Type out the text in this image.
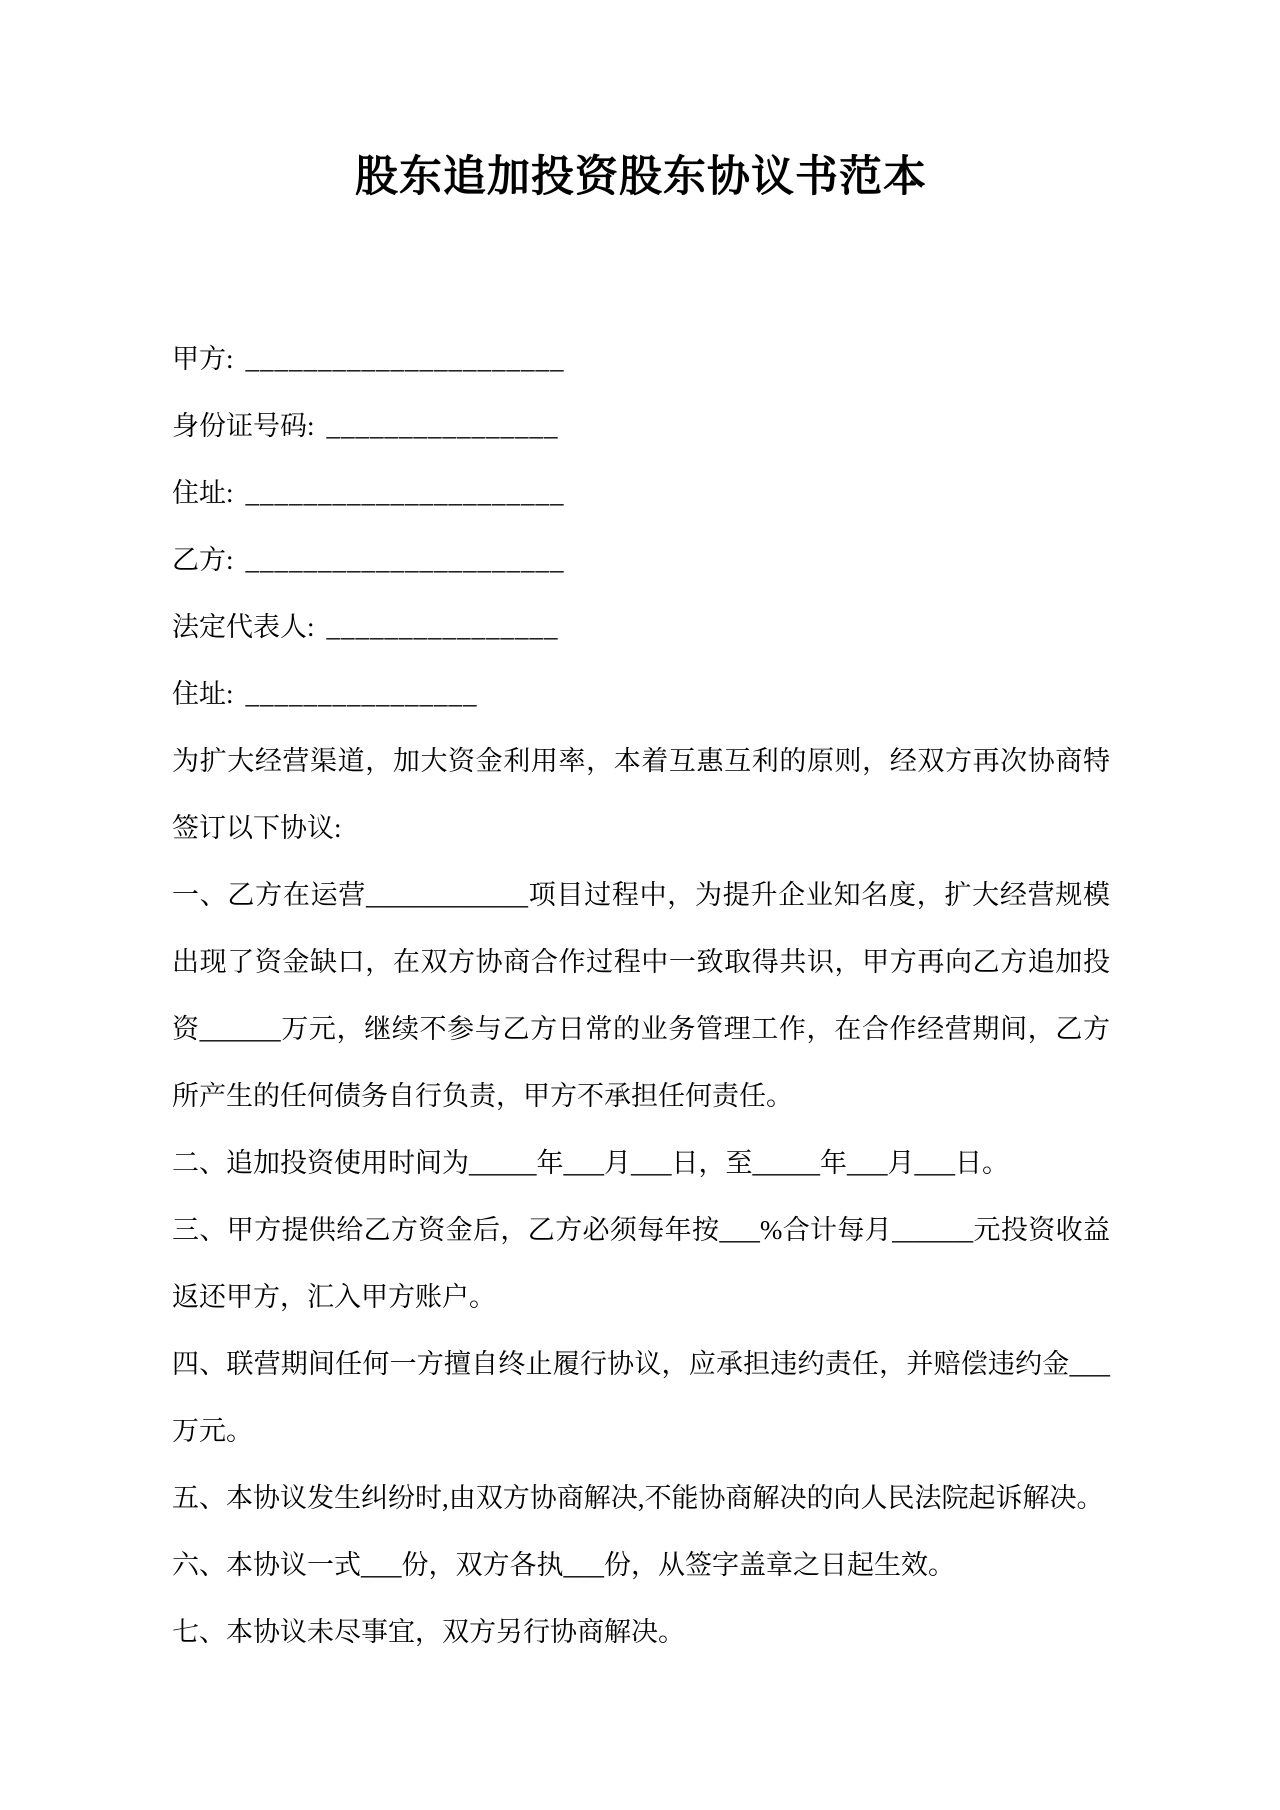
股东追加投资股东协议书范本

甲方: ______________________

身份证号码: ________________

住址: ______________________

乙方: ______________________

法定代表人: ________________

住址: ________________

为扩大经营渠道，加大资金利用率，本着互惠互利的原则，经双方再次协商特签订以下协议:

一、乙方在运营____________项目过程中，为提升企业知名度，扩大经营规模出现了资金缺口，在双方协商合作过程中一致取得共识，甲方再向乙方追加投资______万元，继续不参与乙方日常的业务管理工作，在合作经营期间，乙方所产生的任何债务自行负责，甲方不承担任何责任。

二、追加投资使用时间为_____年___月___日，至_____年___月___日。

三、甲方提供给乙方资金后，乙方必须每年按___%合计每月______元投资收益返还甲方，汇入甲方账户。

四、联营期间任何一方擅自终止履行协议，应承担违约责任，并赔偿违约金___万元。

五、本协议发生纠纷时,由双方协商解决,不能协商解决的向人民法院起诉解决。

六、本协议一式___份，双方各执___份，从签字盖章之日起生效。

七、本协议未尽事宜，双方另行协商解决。
